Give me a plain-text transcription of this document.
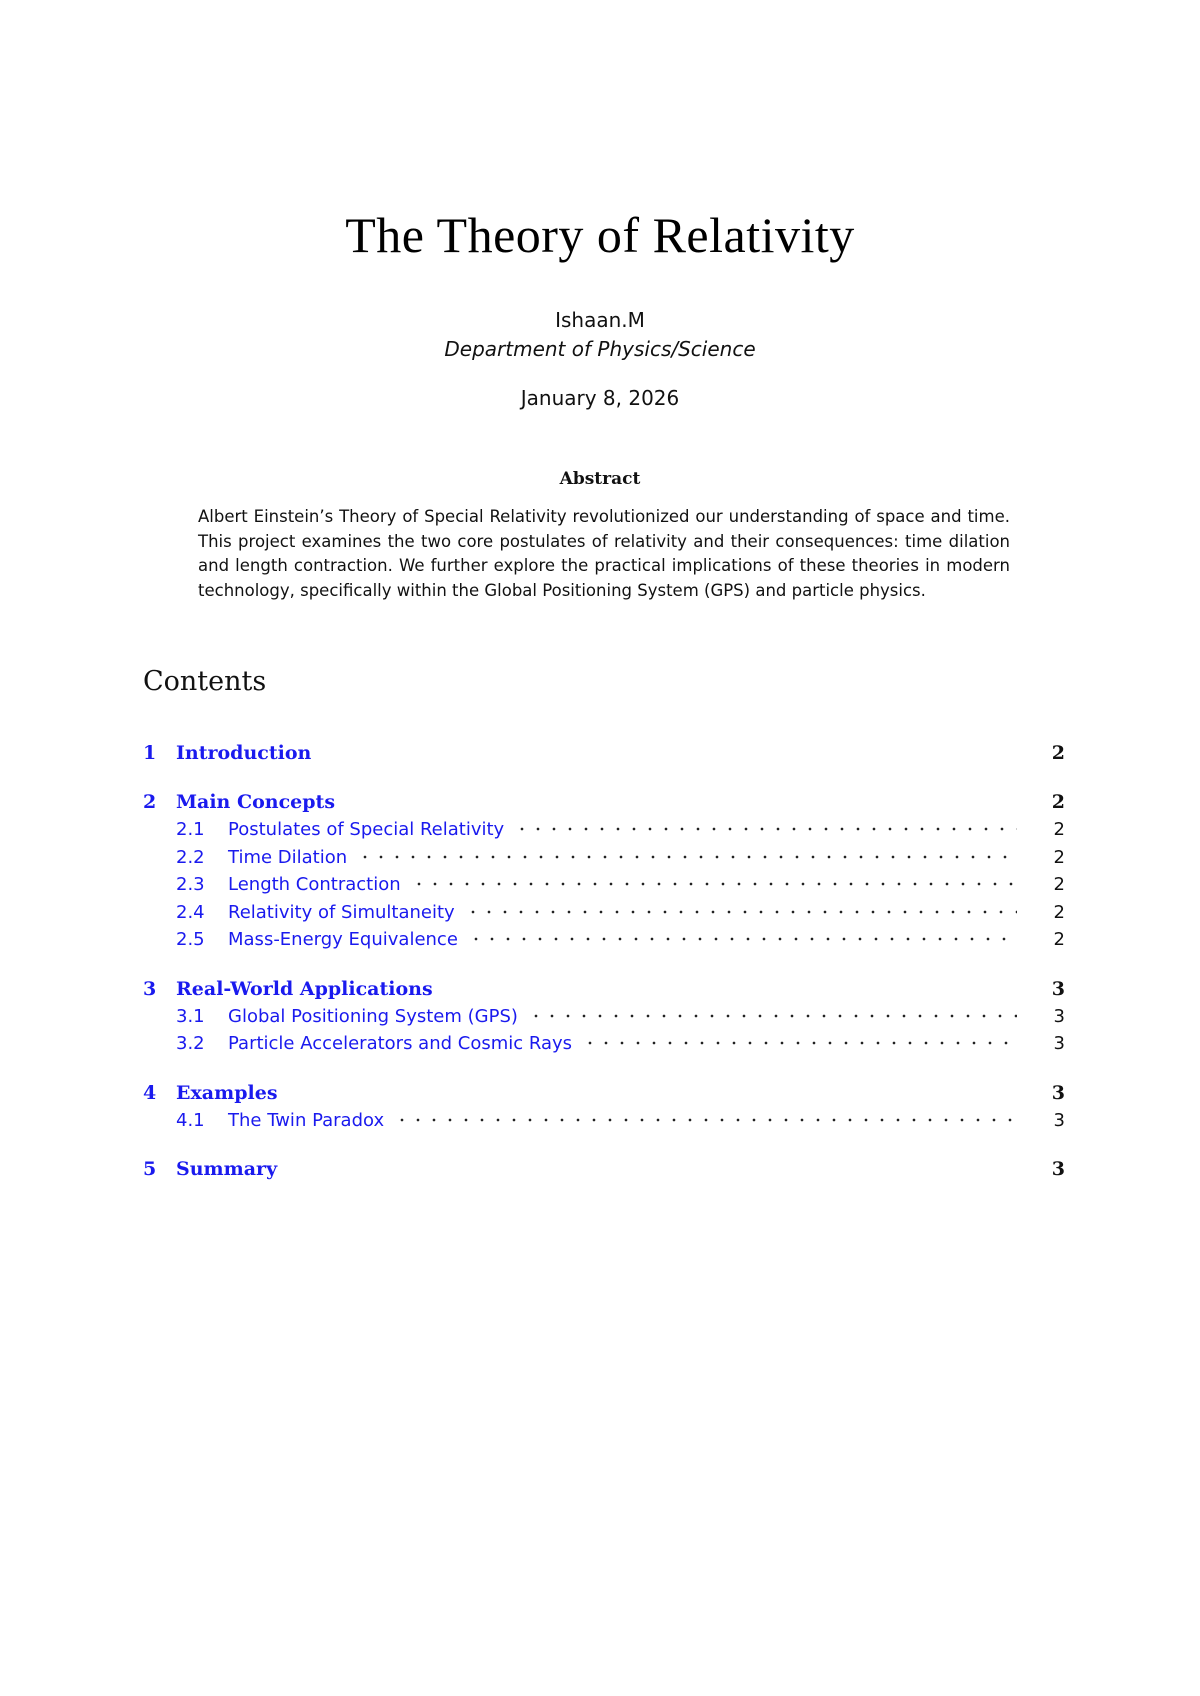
The Theory of Relativity
Ishaan.M
Department of Physics/Science
January 8, 2026
Abstract
Albert Einstein’s Theory of Special Relativity revolutionized our understanding of space and time. This project examines the two core postulates of relativity and their consequences: time dilation and length contraction. We further explore the practical implications of these theories in modern technology, specifically within the Global Positioning System (GPS) and particle physics.
Contents
1	Introduction	2
2	Main Concepts	2
2.1	Postulates of Special Relativity	2
2.2	Time Dilation	2
2.3	Length Contraction	2
2.4	Relativity of Simultaneity	2
2.5	Mass-Energy Equivalence	2
3	Real-World Applications	3
3.1	Global Positioning System (GPS)	3
3.2	Particle Accelerators and Cosmic Rays	3
4	Examples	3
4.1	The Twin Paradox	3
5	Summary	3
